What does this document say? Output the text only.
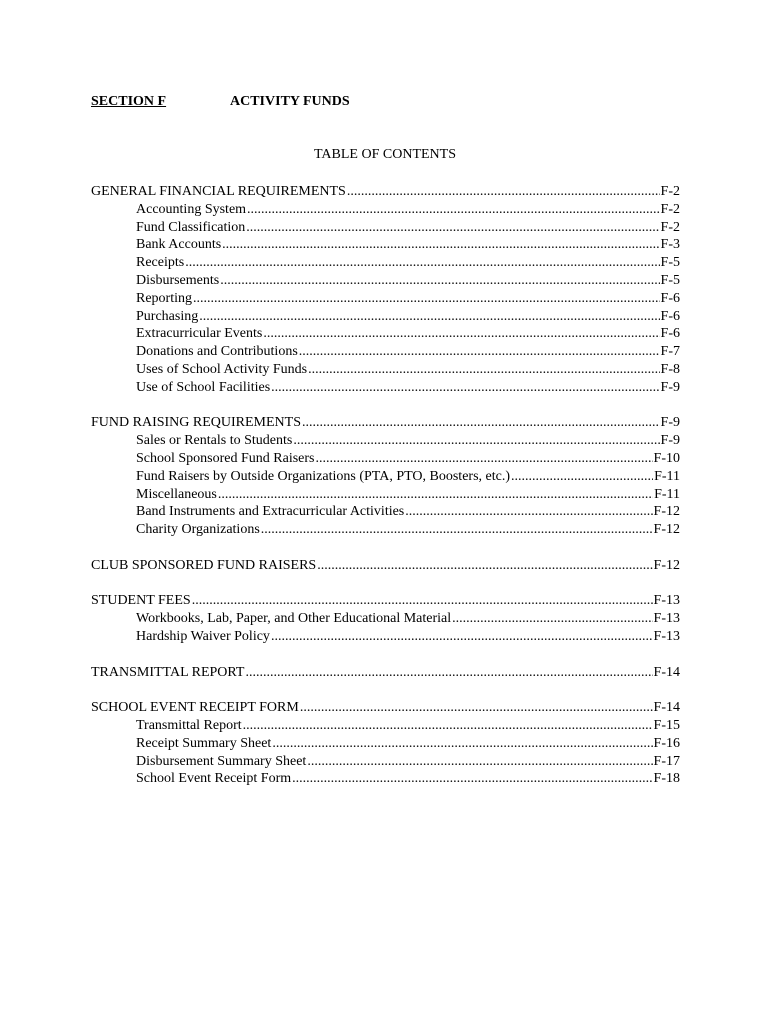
SECTION F	ACTIVITY FUNDS
TABLE OF CONTENTS
GENERAL FINANCIAL REQUIREMENTS .....	F-2
Accounting System .....	F-2
Fund Classification .....	F-2
Bank Accounts .....	F-3
Receipts .....	F-5
Disbursements .....	F-5
Reporting .....	F-6
Purchasing .....	F-6
Extracurricular Events .....	F-6
Donations and Contributions .....	F-7
Uses of School Activity Funds .....	F-8
Use of School Facilities .....	F-9
FUND RAISING REQUIREMENTS .....	F-9
Sales or Rentals to Students .....	F-9
School Sponsored Fund Raisers .....	F-10
Fund Raisers by Outside Organizations (PTA, PTO, Boosters, etc.) .....	F-11
Miscellaneous .....	F-11
Band Instruments and Extracurricular Activities .....	F-12
Charity Organizations .....	F-12
CLUB SPONSORED FUND RAISERS .....	F-12
STUDENT FEES .....	F-13
Workbooks, Lab, Paper, and Other Educational Material .....	F-13
Hardship Waiver Policy .....	F-13
TRANSMITTAL REPORT .....	F-14
SCHOOL EVENT RECEIPT FORM .....	F-14
Transmittal Report .....	F-15
Receipt Summary Sheet .....	F-16
Disbursement Summary Sheet .....	F-17
School Event Receipt Form .....	F-18
